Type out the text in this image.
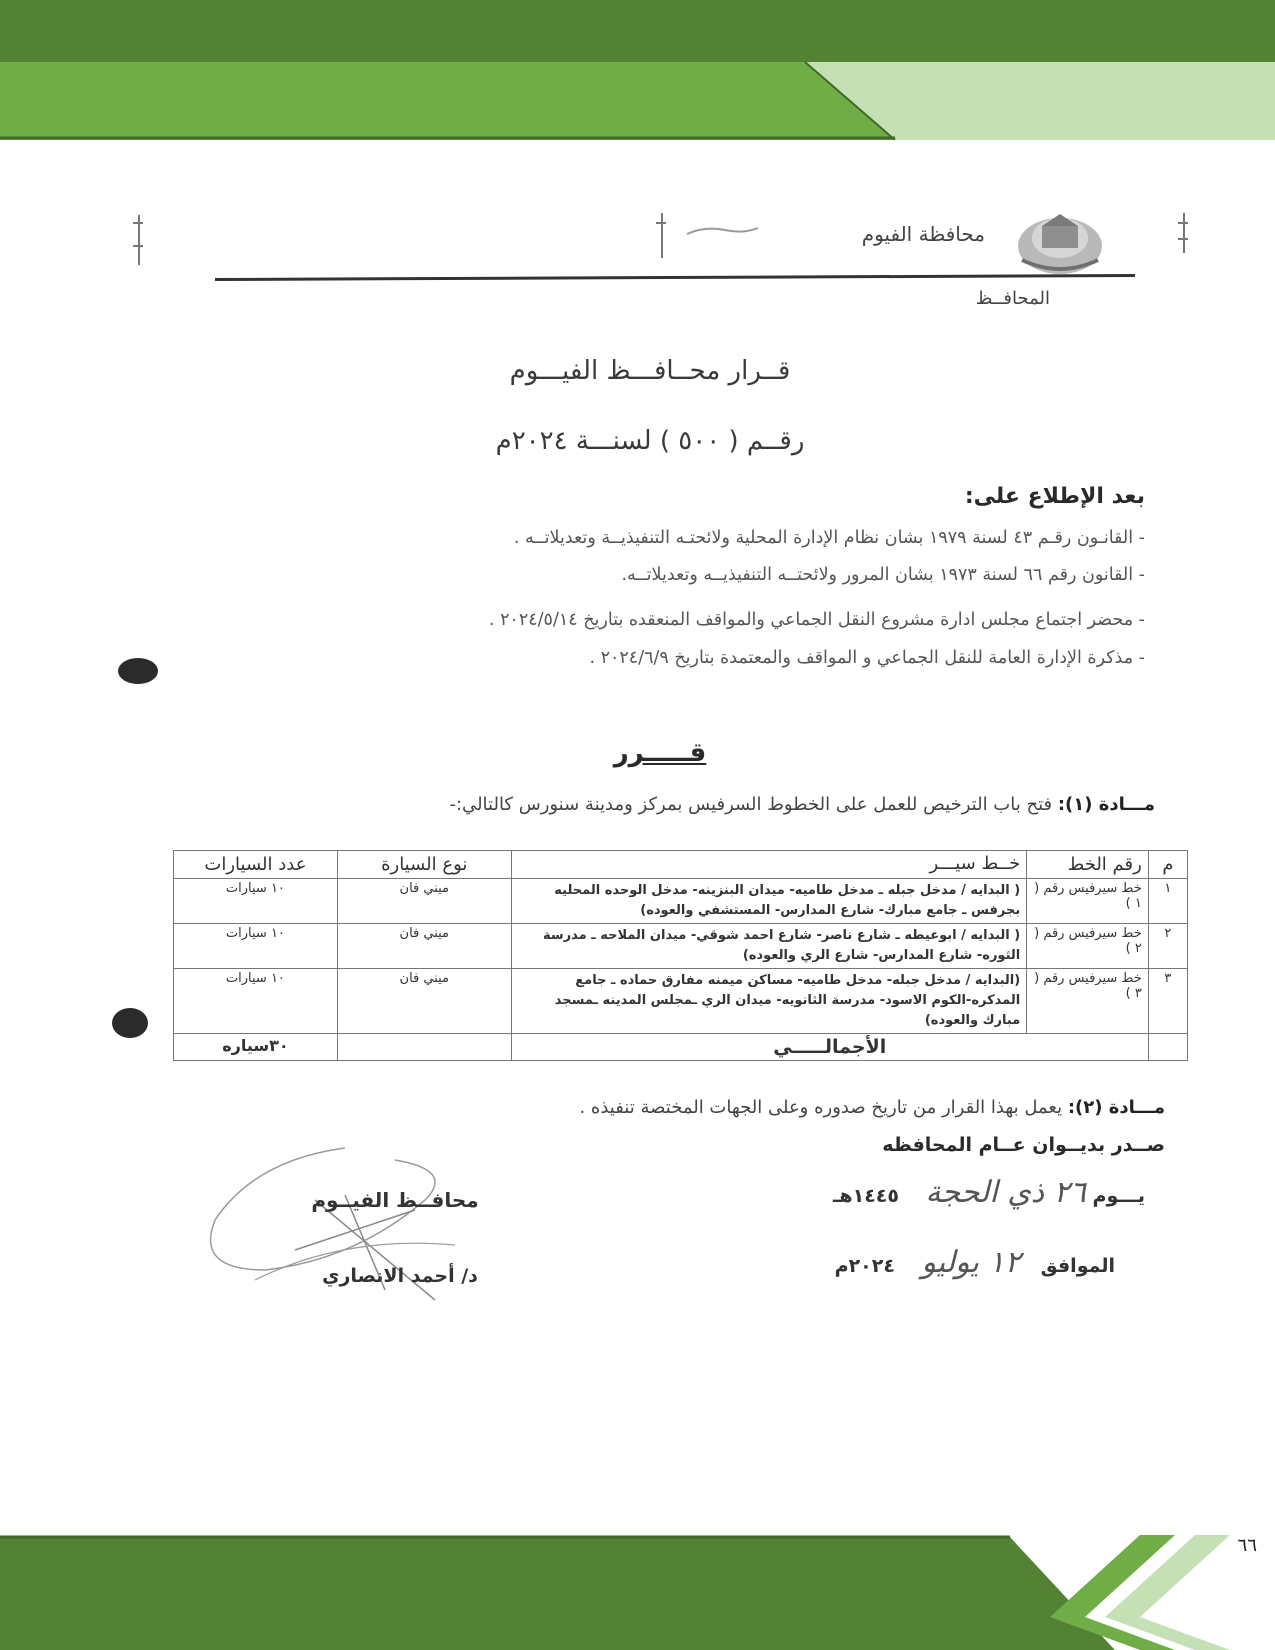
٦٦
محافظة الفيوم
المحافــظ
قــرار محــافـــظ الفيـــوم
رقــم ( ٥٠٠ ) لسنـــة ٢٠٢٤م
بعد الإطلاع على:
- القانـون رقـم ٤٣ لسنة ١٩٧٩ بشان نظام الإدارة المحلية ولائحتـه التنفيذيــة وتعديلاتــه .
- القانون رقم ٦٦ لسنة ١٩٧٣ بشان المرور ولائحتــه التنفيذيــه وتعديلاتــه.
- محضر اجتماع مجلس ادارة مشروع النقل الجماعي والمواقف المنعقده بتاريخ ٢٠٢٤/٥/١٤ .
- مذكرة الإدارة العامة للنقل الجماعي و المواقف والمعتمدة بتاريخ ٢٠٢٤/٦/٩ .
قـــــرر
مـــادة (١): فتح باب الترخيص للعمل على الخطوط السرفيس بمركز ومدينة سنورس كالتالي:-
م	رقم الخط	خــط سيـــر	نوع السيارة	عدد السيارات
١	خط سيرفيس رقم ( ١ )	( البدايه / مدخل جبله ـ مدخل طاميه- ميدان البنزينه- مدخل الوحده المحليه بجرفس ـ جامع مبارك- شارع المدارس- المستشفي والعوده)	ميني فان	١٠ سيارات
٢	خط سيرفيس رقم ( ٢ )	( البدايه / ابوعيطه ـ شارع ناصر- شارع احمد شوقي- ميدان الملاحه ـ مدرسة الثوره- شارع المدارس- شارع الري والعوده)	ميني فان	١٠ سيارات
٣	خط سيرفيس رقم ( ٣ )	(البدايه / مدخل جبله- مدخل طاميه- مساكن ميمنه مفارق حماده ـ جامع المدكره-الكوم الاسود- مدرسة الثانويه- ميدان الري ـمجلس المدينه ـمسجد مبارك والعوده)	ميني فان	١٠ سيارات
	الأجمالـــــي			٣٠سياره
مـــادة (٢): يعمل بهذا القرار من تاريخ صدوره وعلى الجهات المختصة تنفيذه .
صــدر بديــوان عــام المحافظه
يـــوم ٢٦ ذي الحجة    ١٤٤٥هـ
الموافق   ١٢ يوليو    ٢٠٢٤م
محافــظ الفيــوم
د/ أحمد الانصاري
